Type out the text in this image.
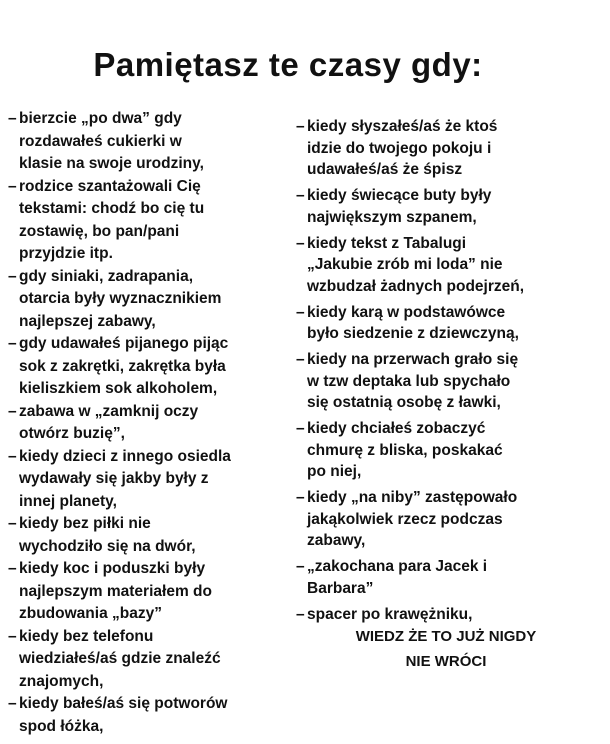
Pamiętasz te czasy gdy:
– bierzcie „po dwa” gdy
rozdawałeś cukierki w
klasie na swoje urodziny,
– rodzice szantażowali Cię
tekstami: chodź bo cię tu
zostawię, bo pan/pani
przyjdzie itp.
– gdy siniaki, zadrapania,
otarcia były wyznacznikiem
najlepszej zabawy,
– gdy udawałeś pijanego pijąc
sok z zakrętki, zakrętka była
kieliszkiem sok alkoholem,
– zabawa w „zamknij oczy
otwórz buzię”,
– kiedy dzieci z innego osiedla
wydawały się jakby były z
innej planety,
– kiedy bez piłki nie
wychodziło się na dwór,
– kiedy koc i poduszki były
najlepszym materiałem do
zbudowania „bazy”
– kiedy bez telefonu
wiedziałeś/aś gdzie znaleźć
znajomych,
– kiedy bałeś/aś się potworów
spod łóżka,
– kiedy słyszałeś/aś że ktoś
idzie do twojego pokoju i
udawałeś/aś że śpisz
– kiedy świecące buty były
największym szpanem,
– kiedy tekst z Tabalugi
„Jakubie zrób mi loda” nie
wzbudzał żadnych podejrzeń,
– kiedy karą w podstawówce
było siedzenie z dziewczyną,
– kiedy na przerwach grało się
w tzw deptaka lub spychało
się ostatnią osobę z ławki,
– kiedy chciałeś zobaczyć
chmurę z bliska, poskakać
po niej,
– kiedy „na niby” zastępowało
jakąkolwiek rzecz podczas
zabawy,
– „zakochana para Jacek i
Barbara”
– spacer po krawężniku,
WIEDZ ŻE TO JUŻ NIGDY
NIE WRÓCI
